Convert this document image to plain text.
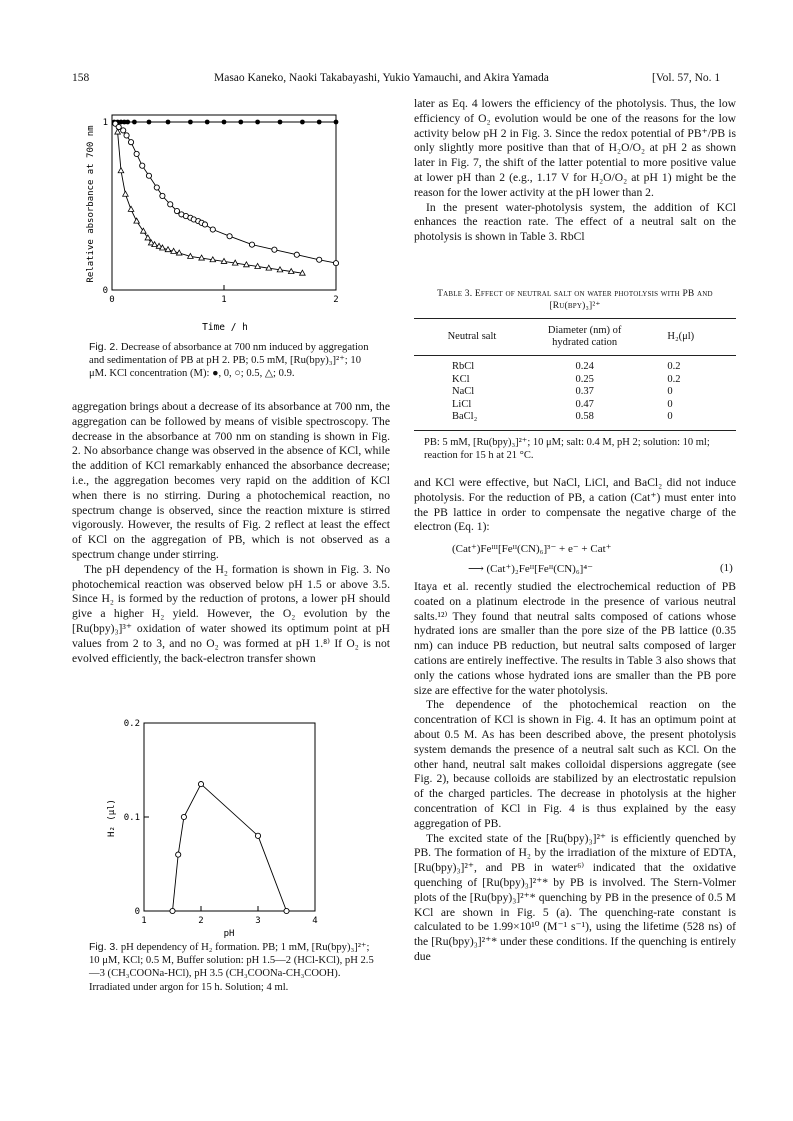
158	Masao Kaneko, Naoki Takabayashi, Yukio Yamauchi, and Akira Yamada	[Vol. 57, No. 1
0	1	2
0
1
Relative absorbance at 700 nm
Time / h
Fig. 2. Decrease of absorbance at 700 nm induced by aggregation and sedimentation of PB at pH 2. PB; 0.5 mM, [Ru(bpy)₃]²⁺; 10 μM. KCl concentration (M): ●, 0, ○; 0.5, △; 0.9.

aggregation brings about a decrease of its absorbance at 700 nm, the aggregation can be followed by means of visible spectroscopy. The decrease in the absorbance at 700 nm on standing is shown in Fig. 2. No absorbance change was observed in the absence of KCl, while the addition of KCl remarkably enhanced the absorbance decrease; i.e., the aggregation becomes very rapid on the addition of KCl when there is no stirring. During a photochemical reaction, no spectrum change is observed, since the reaction mixture is stirred vigorously. However, the results of Fig. 2 reflect at least the effect of KCl on the aggregation of PB, which is not observed as a spectrum change under stirring.

The pH dependency of the H₂ formation is shown in Fig. 3. No photochemical reaction was observed below pH 1.5 or above 3.5. Since H₂ is formed by the reduction of protons, a lower pH should give a higher H₂ yield. However, the O₂ evolution by the [Ru(bpy)₃]³⁺ oxidation of water showed its optimum point at pH values from 2 to 3, and no O₂ was formed at pH 1.⁸⁾ If O₂ is not evolved efficiently, the back-electron transfer shown

1	2	3	4
0
0.1
0.2
H₂ (μl)
pH
Fig. 3. pH dependency of H₂ formation. PB; 1 mM, [Ru(bpy)₃]²⁺; 10 μM, KCl; 0.5 M, Buffer solution: pH 1.5—2 (HCl-KCl), pH 2.5—3 (CH₃COONa-HCl), pH 3.5 (CH₃COONa-CH₃COOH). Irradiated under argon for 15 h. Solution; 4 ml.

later as Eq. 4 lowers the efficiency of the photolysis. Thus, the low efficiency of O₂ evolution would be one of the reasons for the low activity below pH 2 in Fig. 3. Since the redox potential of PB⁺/PB is only slightly more positive than that of H₂O/O₂ at pH 2 as shown later in Fig. 7, the shift of the latter potential to more positive value at lower pH than 2 (e.g., 1.17 V for H₂O/O₂ at pH 1) might be the reason for the lower activity at the pH lower than 2.

In the present water-photolysis system, the addition of KCl enhances the reaction rate. The effect of a neutral salt on the photolysis is shown in Table 3. RbCl

Table 3. Effect of neutral salt on water photolysis with PB and [Ru(bpy)₃]²⁺
Neutral salt	Diameter (nm) of hydrated cation	H₂(μl)
RbCl	0.24	0.2
KCl	0.25	0.2
NaCl	0.37	0
LiCl	0.47	0
BaCl₂	0.58	0
PB: 5 mM, [Ru(bpy)₃]²⁺; 10 μM; salt: 0.4 M, pH 2; solution: 10 ml; reaction for 15 h at 21 °C.

and KCl were effective, but NaCl, LiCl, and BaCl₂ did not induce photolysis. For the reduction of PB, a cation (Cat⁺) must enter into the PB lattice in order to compensate the negative charge of the electron (Eq. 1):

(Cat⁺)Feᴵᴵᴵ[Feᴵᴵ(CN)₆]³⁻ + e⁻ + Cat⁺
⟶ (Cat⁺)₂Feᴵᴵ[Feᴵᴵ(CN)₆]⁴⁻	(1)

Itaya et al. recently studied the electrochemical reduction of PB coated on a platinum electrode in the presence of various neutral salts.¹²⁾ They found that neutral salts composed of cations whose hydrated ions are smaller than the pore size of the PB lattice (0.35 nm) can induce PB reduction, but neutral salts composed of larger cations are entirely ineffective. The results in Table 3 also shows that only the cations whose hydrated ions are smaller than the PB pore size are effective for the water photolysis.

The dependence of the photochemical reaction on the concentration of KCl is shown in Fig. 4. It has an optimum point at about 0.5 M. As has been described above, the present photolysis system demands the presence of a neutral salt such as KCl. On the other hand, neutral salt makes colloidal dispersions aggregate (see Fig. 2), because colloids are stabilized by an electrostatic repulsion of the charged particles. The decrease in photolysis at the higher concentration of KCl in Fig. 4 is thus explained by the easy aggregation of PB.

The excited state of the [Ru(bpy)₃]²⁺ is efficiently quenched by PB. The formation of H₂ by the irradiation of the mixture of EDTA, [Ru(bpy)₃]²⁺, and PB in water⁶⁾ indicated that the oxidative quenching of [Ru(bpy)₃]²⁺* by PB is involved. The Stern-Volmer plots of the [Ru(bpy)₃]²⁺* quenching by PB in the presence of 0.5 M KCl are shown in Fig. 5 (a). The quenching-rate constant is calculated to be 1.99×10¹⁰ (M⁻¹ s⁻¹), using the lifetime (528 ns) of the [Ru(bpy)₃]²⁺* under these conditions. If the quenching is entirely due
